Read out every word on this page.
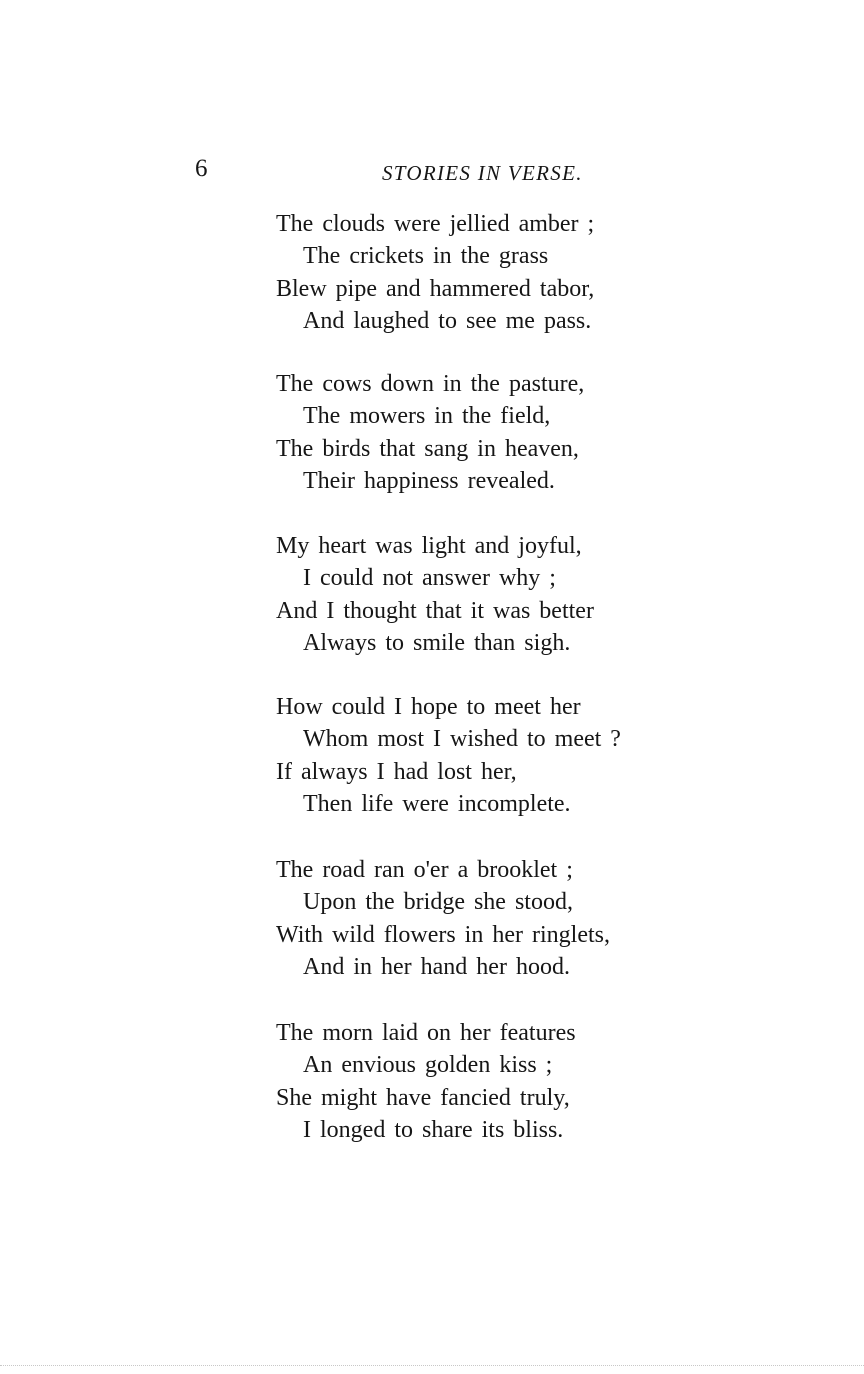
6	STORIES IN VERSE.
The clouds were jellied amber ;
The crickets in the grass
Blew pipe and hammered tabor,
And laughed to see me pass.
The cows down in the pasture,
The mowers in the field,
The birds that sang in heaven,
Their happiness revealed.
My heart was light and joyful,
I could not answer why ;
And I thought that it was better
Always to smile than sigh.
How could I hope to meet her
Whom most I wished to meet ?
If always I had lost her,
Then life were incomplete.
The road ran o'er a brooklet ;
Upon the bridge she stood,
With wild flowers in her ringlets,
And in her hand her hood.
The morn laid on her features
An envious golden kiss ;
She might have fancied truly,
I longed to share its bliss.
